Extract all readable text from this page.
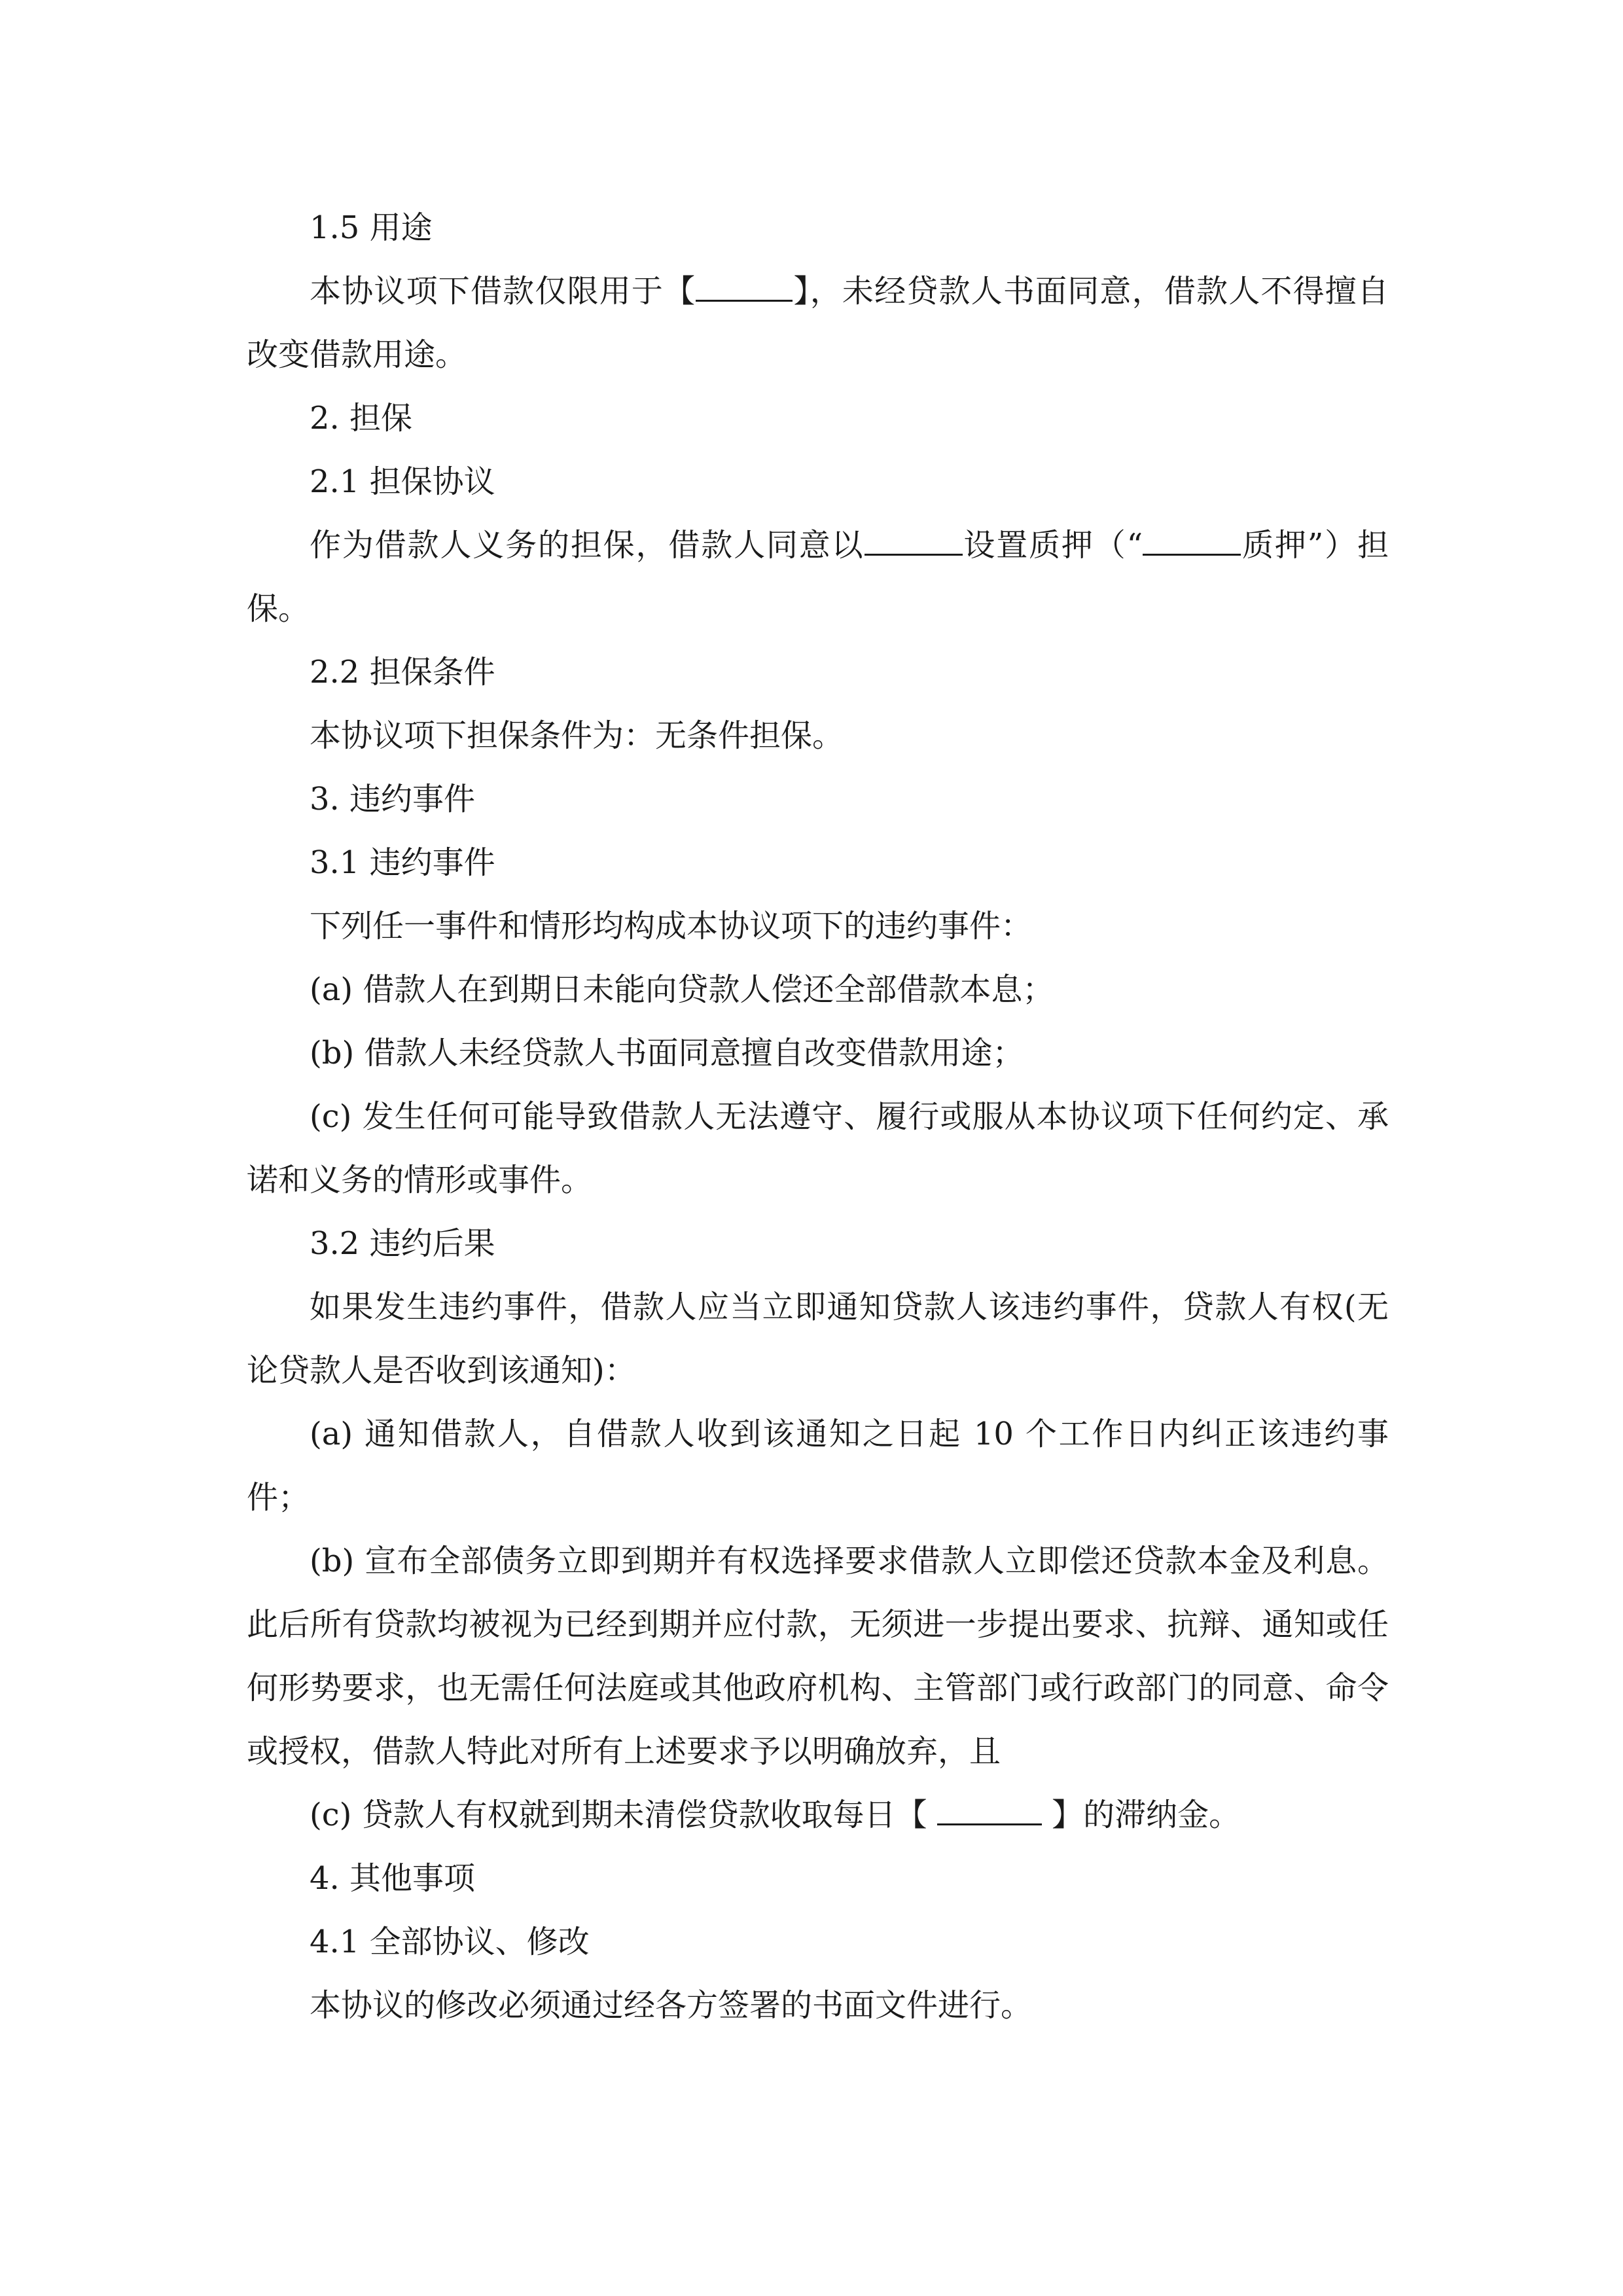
1.5 用途

本协议项下借款仅限用于【	】，未经贷款人书面同意，借款人不得擅自改变借款用途。

2. 担保

2.1 担保协议

作为借款人义务的担保，借款人同意以	设置质押（“	质押”）担保。

2.2 担保条件

本协议项下担保条件为：无条件担保。

3. 违约事件

3.1 违约事件

下列任一事件和情形均构成本协议项下的违约事件：

(a) 借款人在到期日未能向贷款人偿还全部借款本息；

(b) 借款人未经贷款人书面同意擅自改变借款用途；

(c) 发生任何可能导致借款人无法遵守、履行或服从本协议项下任何约定、承诺和义务的情形或事件。

3.2 违约后果

如果发生违约事件，借款人应当立即通知贷款人该违约事件，贷款人有权(无论贷款人是否收到该通知)：

(a) 通知借款人，自借款人收到该通知之日起 10 个工作日内纠正该违约事件；

(b) 宣布全部债务立即到期并有权选择要求借款人立即偿还贷款本金及利息。此后所有贷款均被视为已经到期并应付款，无须进一步提出要求、抗辩、通知或任何形势要求，也无需任何法庭或其他政府机构、主管部门或行政部门的同意、命令或授权，借款人特此对所有上述要求予以明确放弃，且

(c) 贷款人有权就到期未清偿贷款收取每日【	】的滞纳金。

4. 其他事项

4.1 全部协议、修改

本协议的修改必须通过经各方签署的书面文件进行。
